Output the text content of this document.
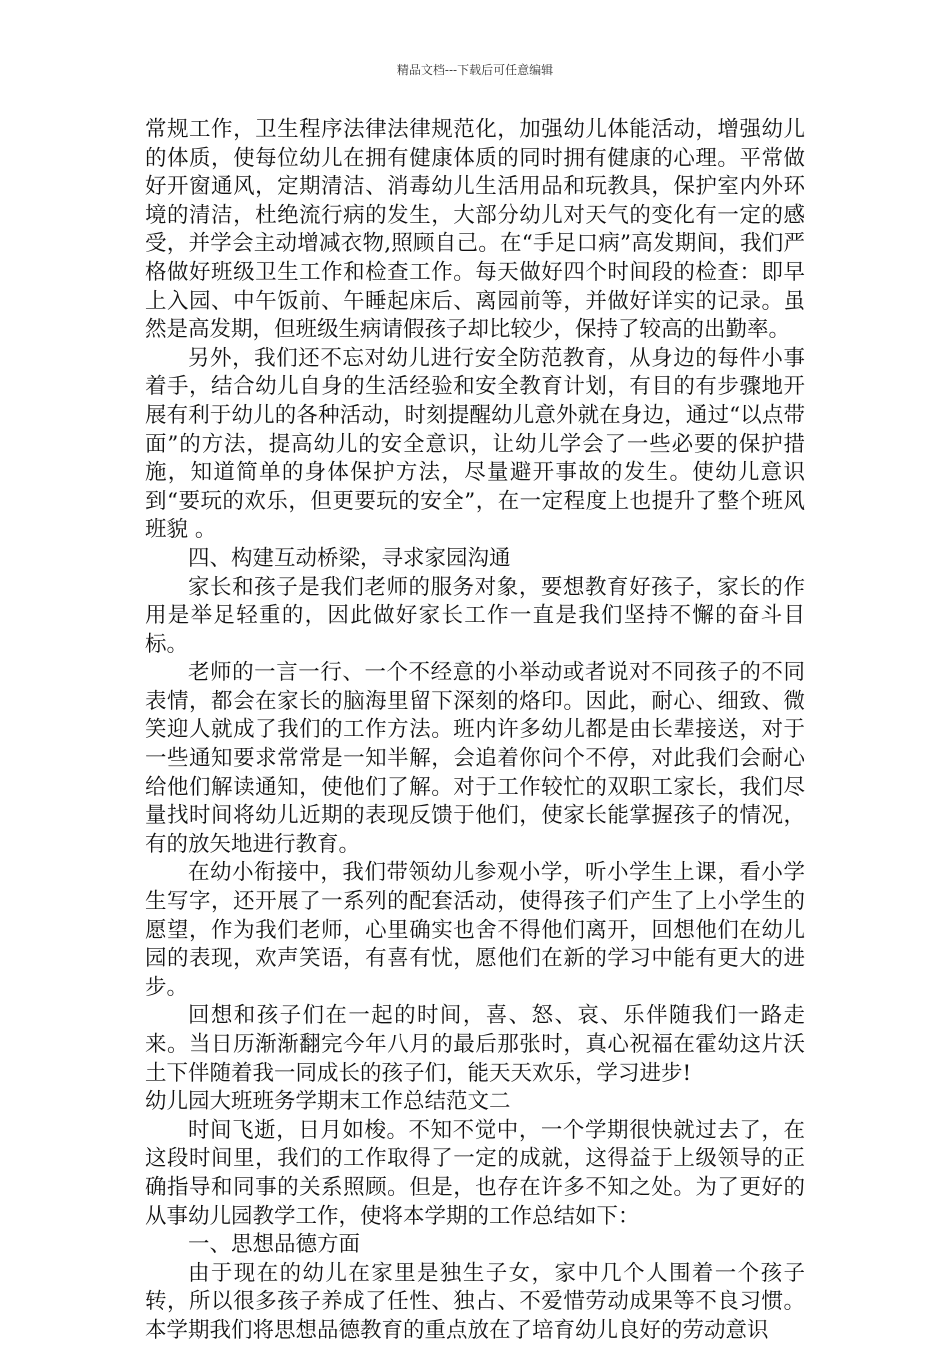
精品文档---下载后可任意编辑

常规工作，卫生程序法律法律规范化，加强幼儿体能活动，增强幼儿的体质，使每位幼儿在拥有健康体质的同时拥有健康的心理。平常做好开窗通风，定期清洁、消毒幼儿生活用品和玩教具，保护室内外环境的清洁，杜绝流行病的发生，大部分幼儿对天气的变化有一定的感受，并学会主动增减衣物,照顾自己。在“手足口病”高发期间，我们严格做好班级卫生工作和检查工作。每天做好四个时间段的检查：即早上入园、中午饭前、午睡起床后、离园前等，并做好详实的记录。虽然是高发期，但班级生病请假孩子却比较少，保持了较高的出勤率。

另外，我们还不忘对幼儿进行安全防范教育，从身边的每件小事着手，结合幼儿自身的生活经验和安全教育计划，有目的有步骤地开展有利于幼儿的各种活动，时刻提醒幼儿意外就在身边，通过“以点带面”的方法，提高幼儿的安全意识，让幼儿学会了一些必要的保护措施，知道简单的身体保护方法，尽量避开事故的发生。使幼儿意识到“要玩的欢乐，但更要玩的安全”，在一定程度上也提升了整个班风班貌 。

四、构建互动桥梁，寻求家园沟通

家长和孩子是我们老师的服务对象，要想教育好孩子，家长的作用是举足轻重的，因此做好家长工作一直是我们坚持不懈的奋斗目标。

老师的一言一行、一个不经意的小举动或者说对不同孩子的不同表情，都会在家长的脑海里留下深刻的烙印。因此，耐心、细致、微笑迎人就成了我们的工作方法。班内许多幼儿都是由长辈接送，对于一些通知要求常常是一知半解，会追着你问个不停，对此我们会耐心给他们解读通知，使他们了解。对于工作较忙的双职工家长，我们尽量找时间将幼儿近期的表现反馈于他们，使家长能掌握孩子的情况，有的放矢地进行教育。

在幼小衔接中，我们带领幼儿参观小学，听小学生上课，看小学生写字，还开展了一系列的配套活动，使得孩子们产生了上小学生的愿望，作为我们老师，心里确实也舍不得他们离开，回想他们在幼儿园的表现，欢声笑语，有喜有忧，愿他们在新的学习中能有更大的进步。

回想和孩子们在一起的时间，喜、怒、哀、乐伴随我们一路走来。当日历渐渐翻完今年八月的最后那张时，真心祝福在霍幼这片沃土下伴随着我一同成长的孩子们，能天天欢乐，学习进步!

幼儿园大班班务学期末工作总结范文二

时间飞逝，日月如梭。不知不觉中，一个学期很快就过去了，在这段时间里，我们的工作取得了一定的成就，这得益于上级领导的正确指导和同事的关系照顾。但是，也存在许多不知之处。为了更好的从事幼儿园教学工作，使将本学期的工作总结如下：

一、思想品德方面

由于现在的幼儿在家里是独生子女，家中几个人围着一个孩子转，所以很多孩子养成了任性、独占、不爱惜劳动成果等不良习惯。本学期我们将思想品德教育的重点放在了培育幼儿良好的劳动意识
